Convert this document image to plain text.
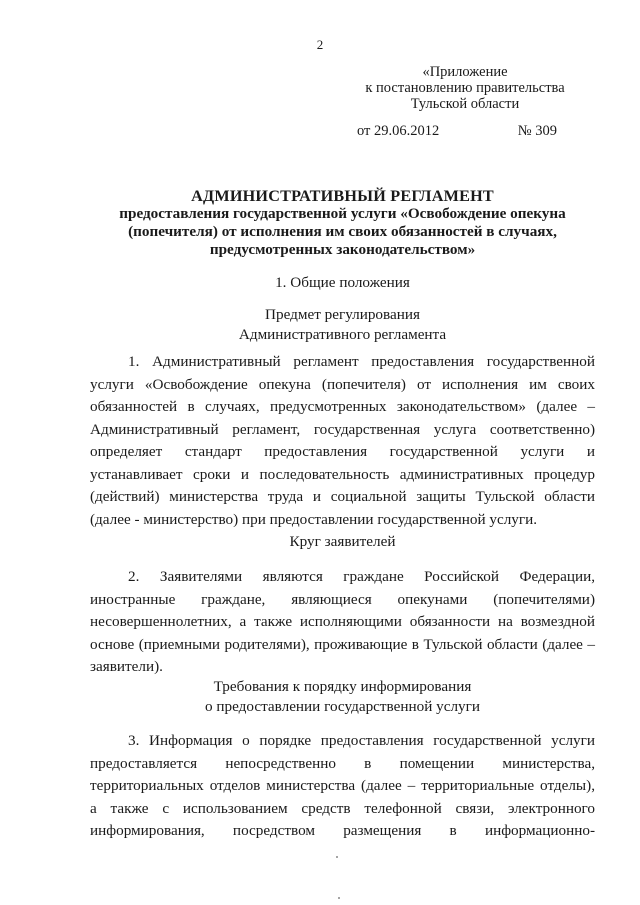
2
«Приложение
к постановлению правительства
Тульской области
от 29.06.2012	№ 309
АДМИНИСТРАТИВНЫЙ РЕГЛАМЕНТ
предоставления государственной услуги «Освобождение опекуна
(попечителя) от исполнения им своих обязанностей в случаях,
предусмотренных законодательством»
1. Общие положения
Предмет регулирования
Административного регламента
1. Административный регламент предоставления государственной
услуги «Освобождение опекуна (попечителя) от исполнения им своих
обязанностей в случаях, предусмотренных законодательством» (далее –
Административный регламент, государственная услуга соответственно)
определяет стандарт предоставления государственной услуги и
устанавливает сроки и последовательность административных процедур
(действий) министерства труда и социальной защиты Тульской области
(далее - министерство) при предоставлении государственной услуги.
Круг заявителей
2. Заявителями являются граждане Российской Федерации,
иностранные граждане, являющиеся опекунами (попечителями)
несовершеннолетних, а также исполняющими обязанности на возмездной
основе (приемными родителями), проживающие в Тульской области (далее –
заявители).
Требования к порядку информирования
о предоставлении государственной услуги
3. Информация о порядке предоставления государственной услуги
предоставляется непосредственно в помещении министерства,
территориальных отделов министерства (далее – территориальные отделы),
а также с использованием средств телефонной связи, электронного
информирования, посредством размещения в информационно-
